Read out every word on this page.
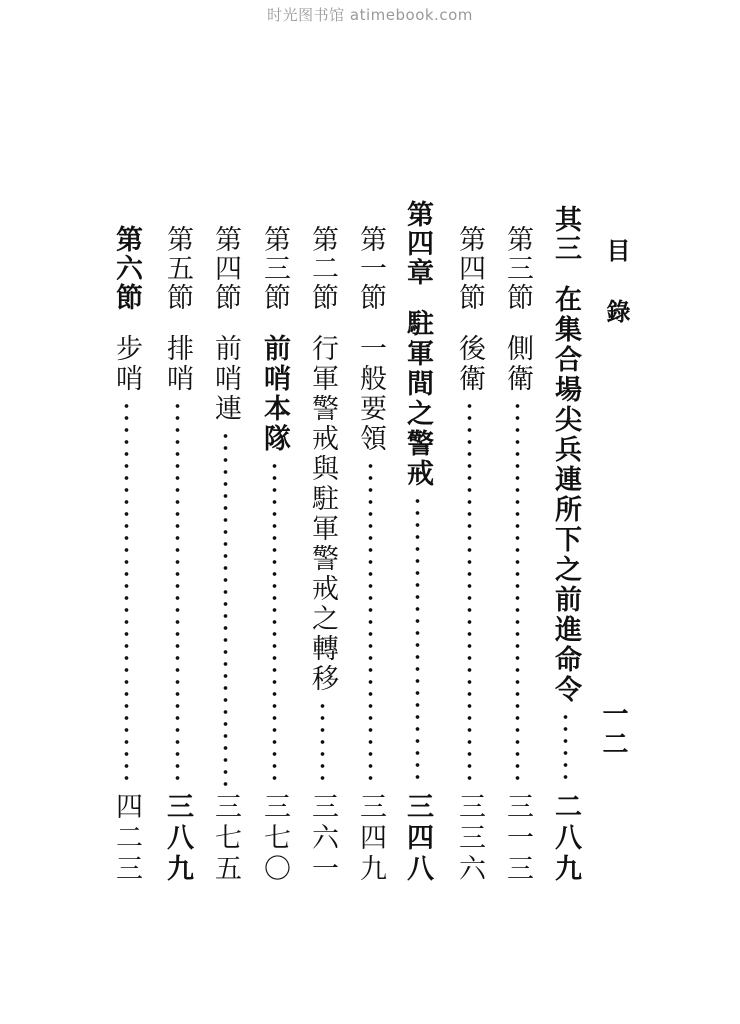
时光图书馆 atimebook.com
目 錄
一二
其三
在集合場尖兵連所下之前進命令
二八九
第三節
側衛
三一三
第四節
後衛
三三六
第四章
駐軍間之警戒
三四八
第一節
一般要領
三四九
第二節
行軍警戒與駐軍警戒之轉移
三六一
第三節
前哨本隊
三七〇
第四節
前哨連
三七五
第五節
排哨
三八九
第六節
步哨
四二三
